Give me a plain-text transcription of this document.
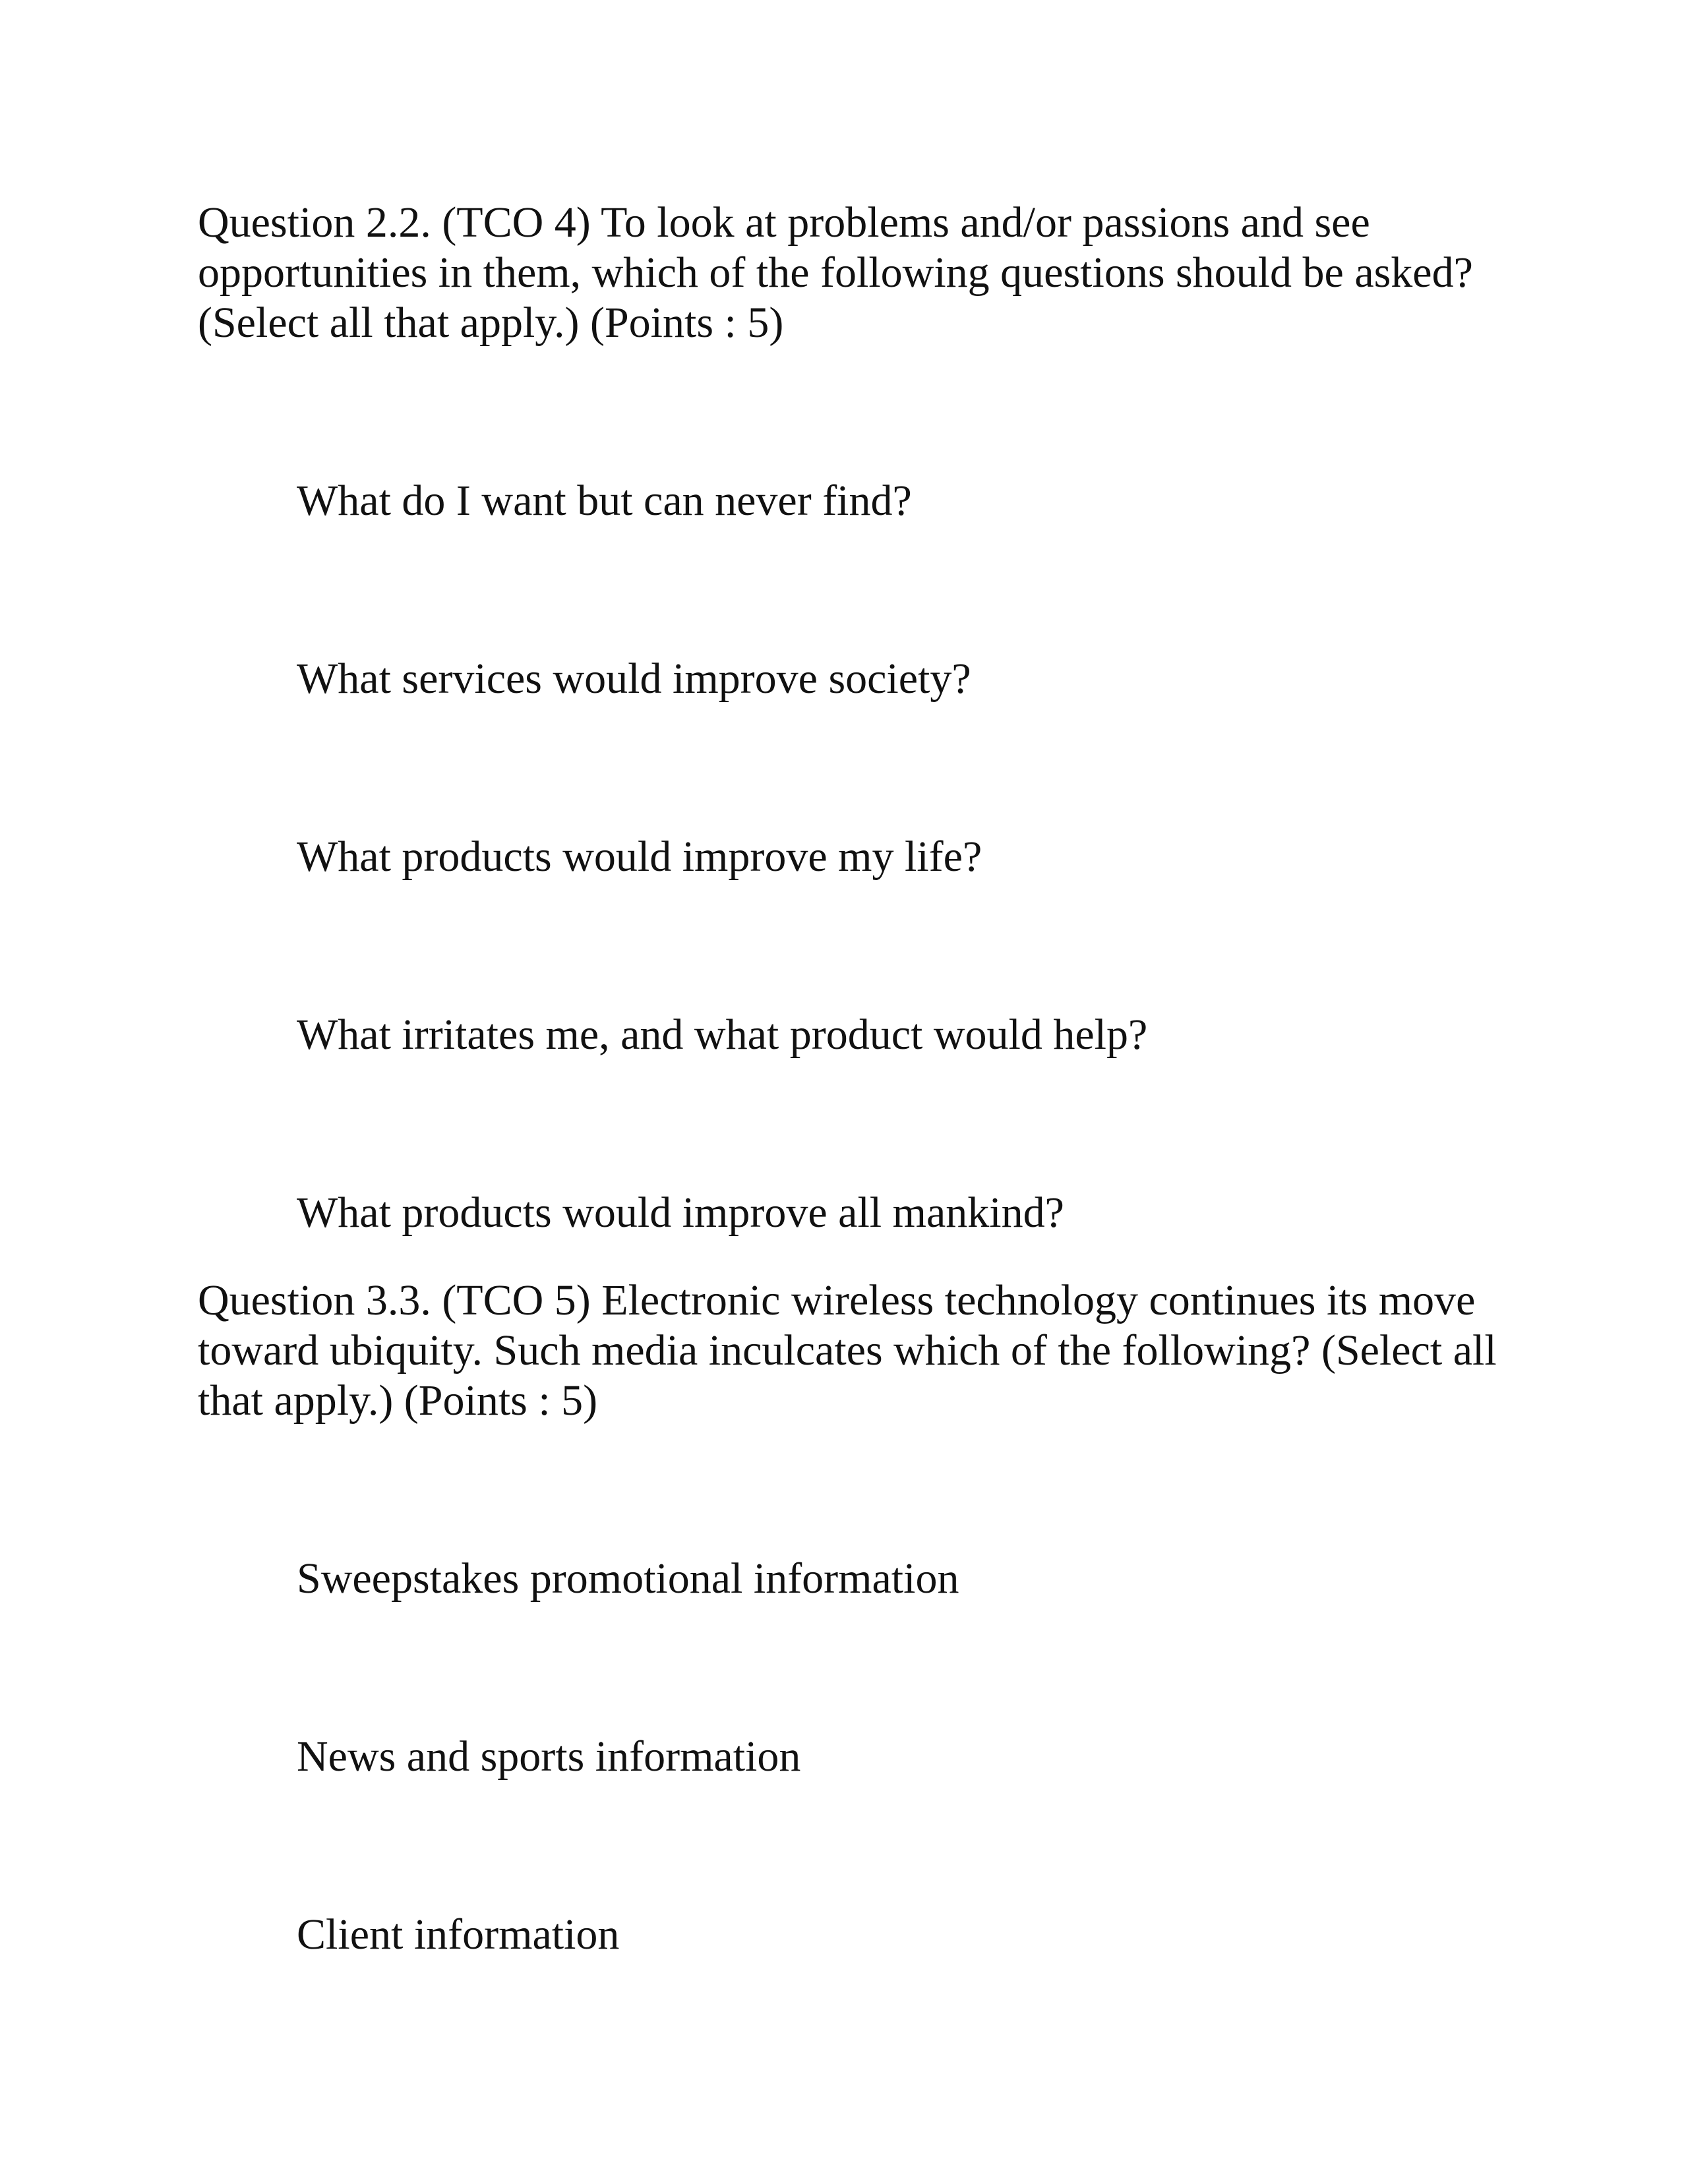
Question 2.2. (TCO 4) To look at problems and/or passions and see opportunities in them, which of the following questions should be asked? (Select all that apply.) (Points : 5)

What do I want but can never find?
What services would improve society?
What products would improve my life?
What irritates me, and what product would help?
What products would improve all mankind?

Question 3.3. (TCO 5) Electronic wireless technology continues its move toward ubiquity. Such media inculcates which of the following? (Select all that apply.) (Points : 5)

Sweepstakes promotional information
News and sports information
Client information
